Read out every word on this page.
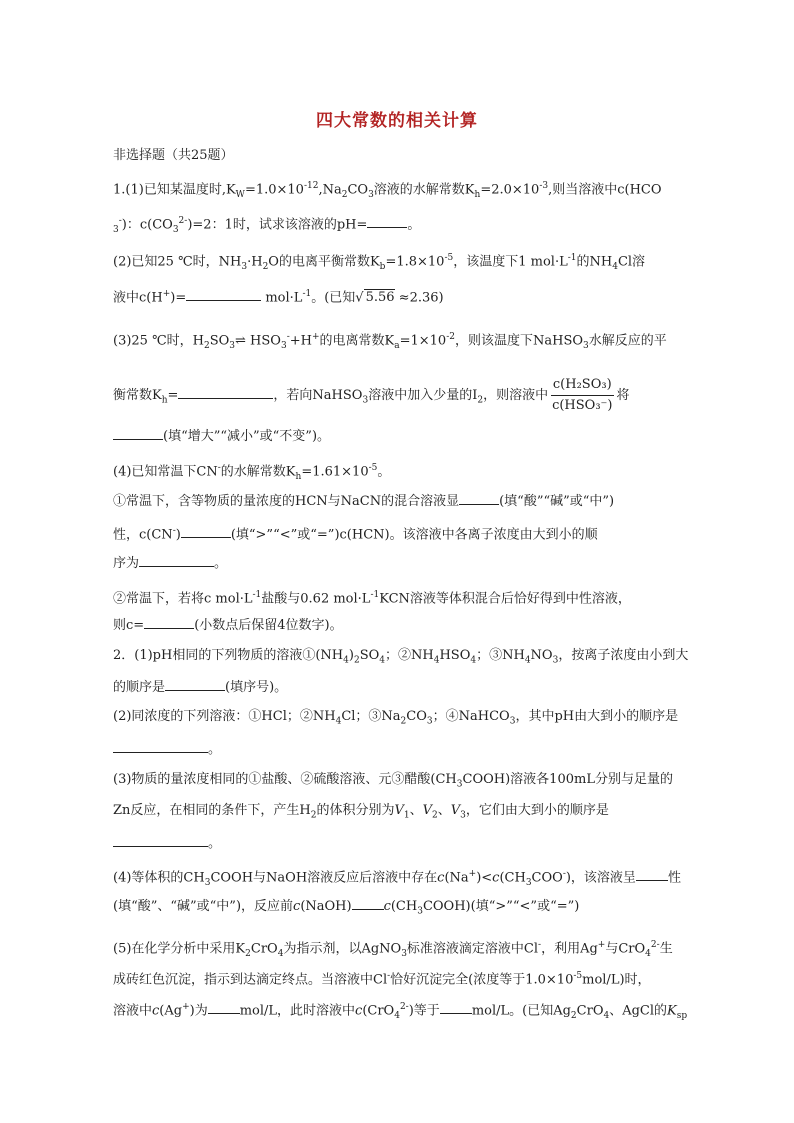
四大常数的相关计算
非选择题（共25题）
1.(1)已知某温度时$,K_W=1.0\times 10^{-12},Na_2CO_3$溶液的水解常数$K_h=2.0\times 10^{-3}$,则当溶液中c(HCO
$_3$-)：$c(CO_3^{2-})=2$：1时，试求该溶液的pH=	。
(2)已知25 ℃时，$NH_3\cdot H_2O$的电离平衡常数$K_b=1.8\times 10^{-5}$，该温度下1 $mol\cdot L^{-1}$的$NH_4Cl$溶
液中c(H+)=	$mol\cdot L^{-1}$。(已知√ 5.56 ≈2.36)
(3)25 ℃时，$H_2SO_3\rightleftharpoons$ $HSO_3^-+H^+$的电离常数$K_a=1\times 10^{-2}$，则该温度下NaHSO$_3$水解反应的平
衡常数$K_h=$	，若向NaHSO$_3$溶液中加入少量的$I_2$，则溶液中 $\frac{\text{c(H₂SO₃)}}{\text{c(HSO₃⁻)}}$ 将
(填“增大”“减小”或“不变”)。
(4)已知常温下CN-的水解常数$K_h=1.61\times 10^{-5}$。
①常温下，含等物质的量浓度的HCN与NaCN的混合溶液显	(填“酸”“碱”或“中”)
性，c(CN-)	(填“>”“<”或“=”)c(HCN)。该溶液中各离子浓度由大到小的顺
序为	。
②常温下，若将c $mol\cdot L^{-1}$盐酸与0.62 $mol\cdot L^{-1}KCN$溶液等体积混合后恰好得到中性溶液，
则c=	(小数点后保留4位数字)。
2．(1)pH相同的下列物质的溶液$①(NH_4)_2SO_4$；$②NH_4HSO_4$；$③NH_4NO_3$，按离子浓度由小到大
的顺序是	(填序号)。
(2)同浓度的下列溶液：①HCl；$②NH_4Cl$；$③Na_2CO_3$；④NaHCO$_3$，其中pH由大到小的顺序是
。
(3)物质的量浓度相同的①盐酸、②硫酸溶液、元③醋酸$(CH_3COOH)$溶液各100mL分别与足量的
Zn反应，在相同的条件下，产生$H_2$的体积分别为$V_1$、$V_2$、$V_3$，它们由大到小的顺序是
。
(4)等体积的$CH_3COOH$与NaOH溶液反应后溶液中存在$c(Na^+)<c(CH_3COO^-)$，该溶液呈 性
(填“酸”、“碱”或“中”)，反应前c(NaOH) $c(CH_3COOH)$(填“>”“<”或“=”)
(5)在化学分析中采用$K_2CrO_4$为指示剂，以AgNO$_3$标准溶液滴定溶液中Cl-，利用Ag+与CrO$_4^{2-}$生
成砖红色沉淀，指示到达滴定终点。当溶液中Cl-恰好沉淀完全(浓度等于$1.0\times 10^{-5}mol/L$)时，
溶液中c(Ag+)为 mol/L，此时溶液中c(CrO$_4^{2-}$)等于 mol/L。(已知$Ag_2CrO_4$、AgCl的$K_{sp}$
